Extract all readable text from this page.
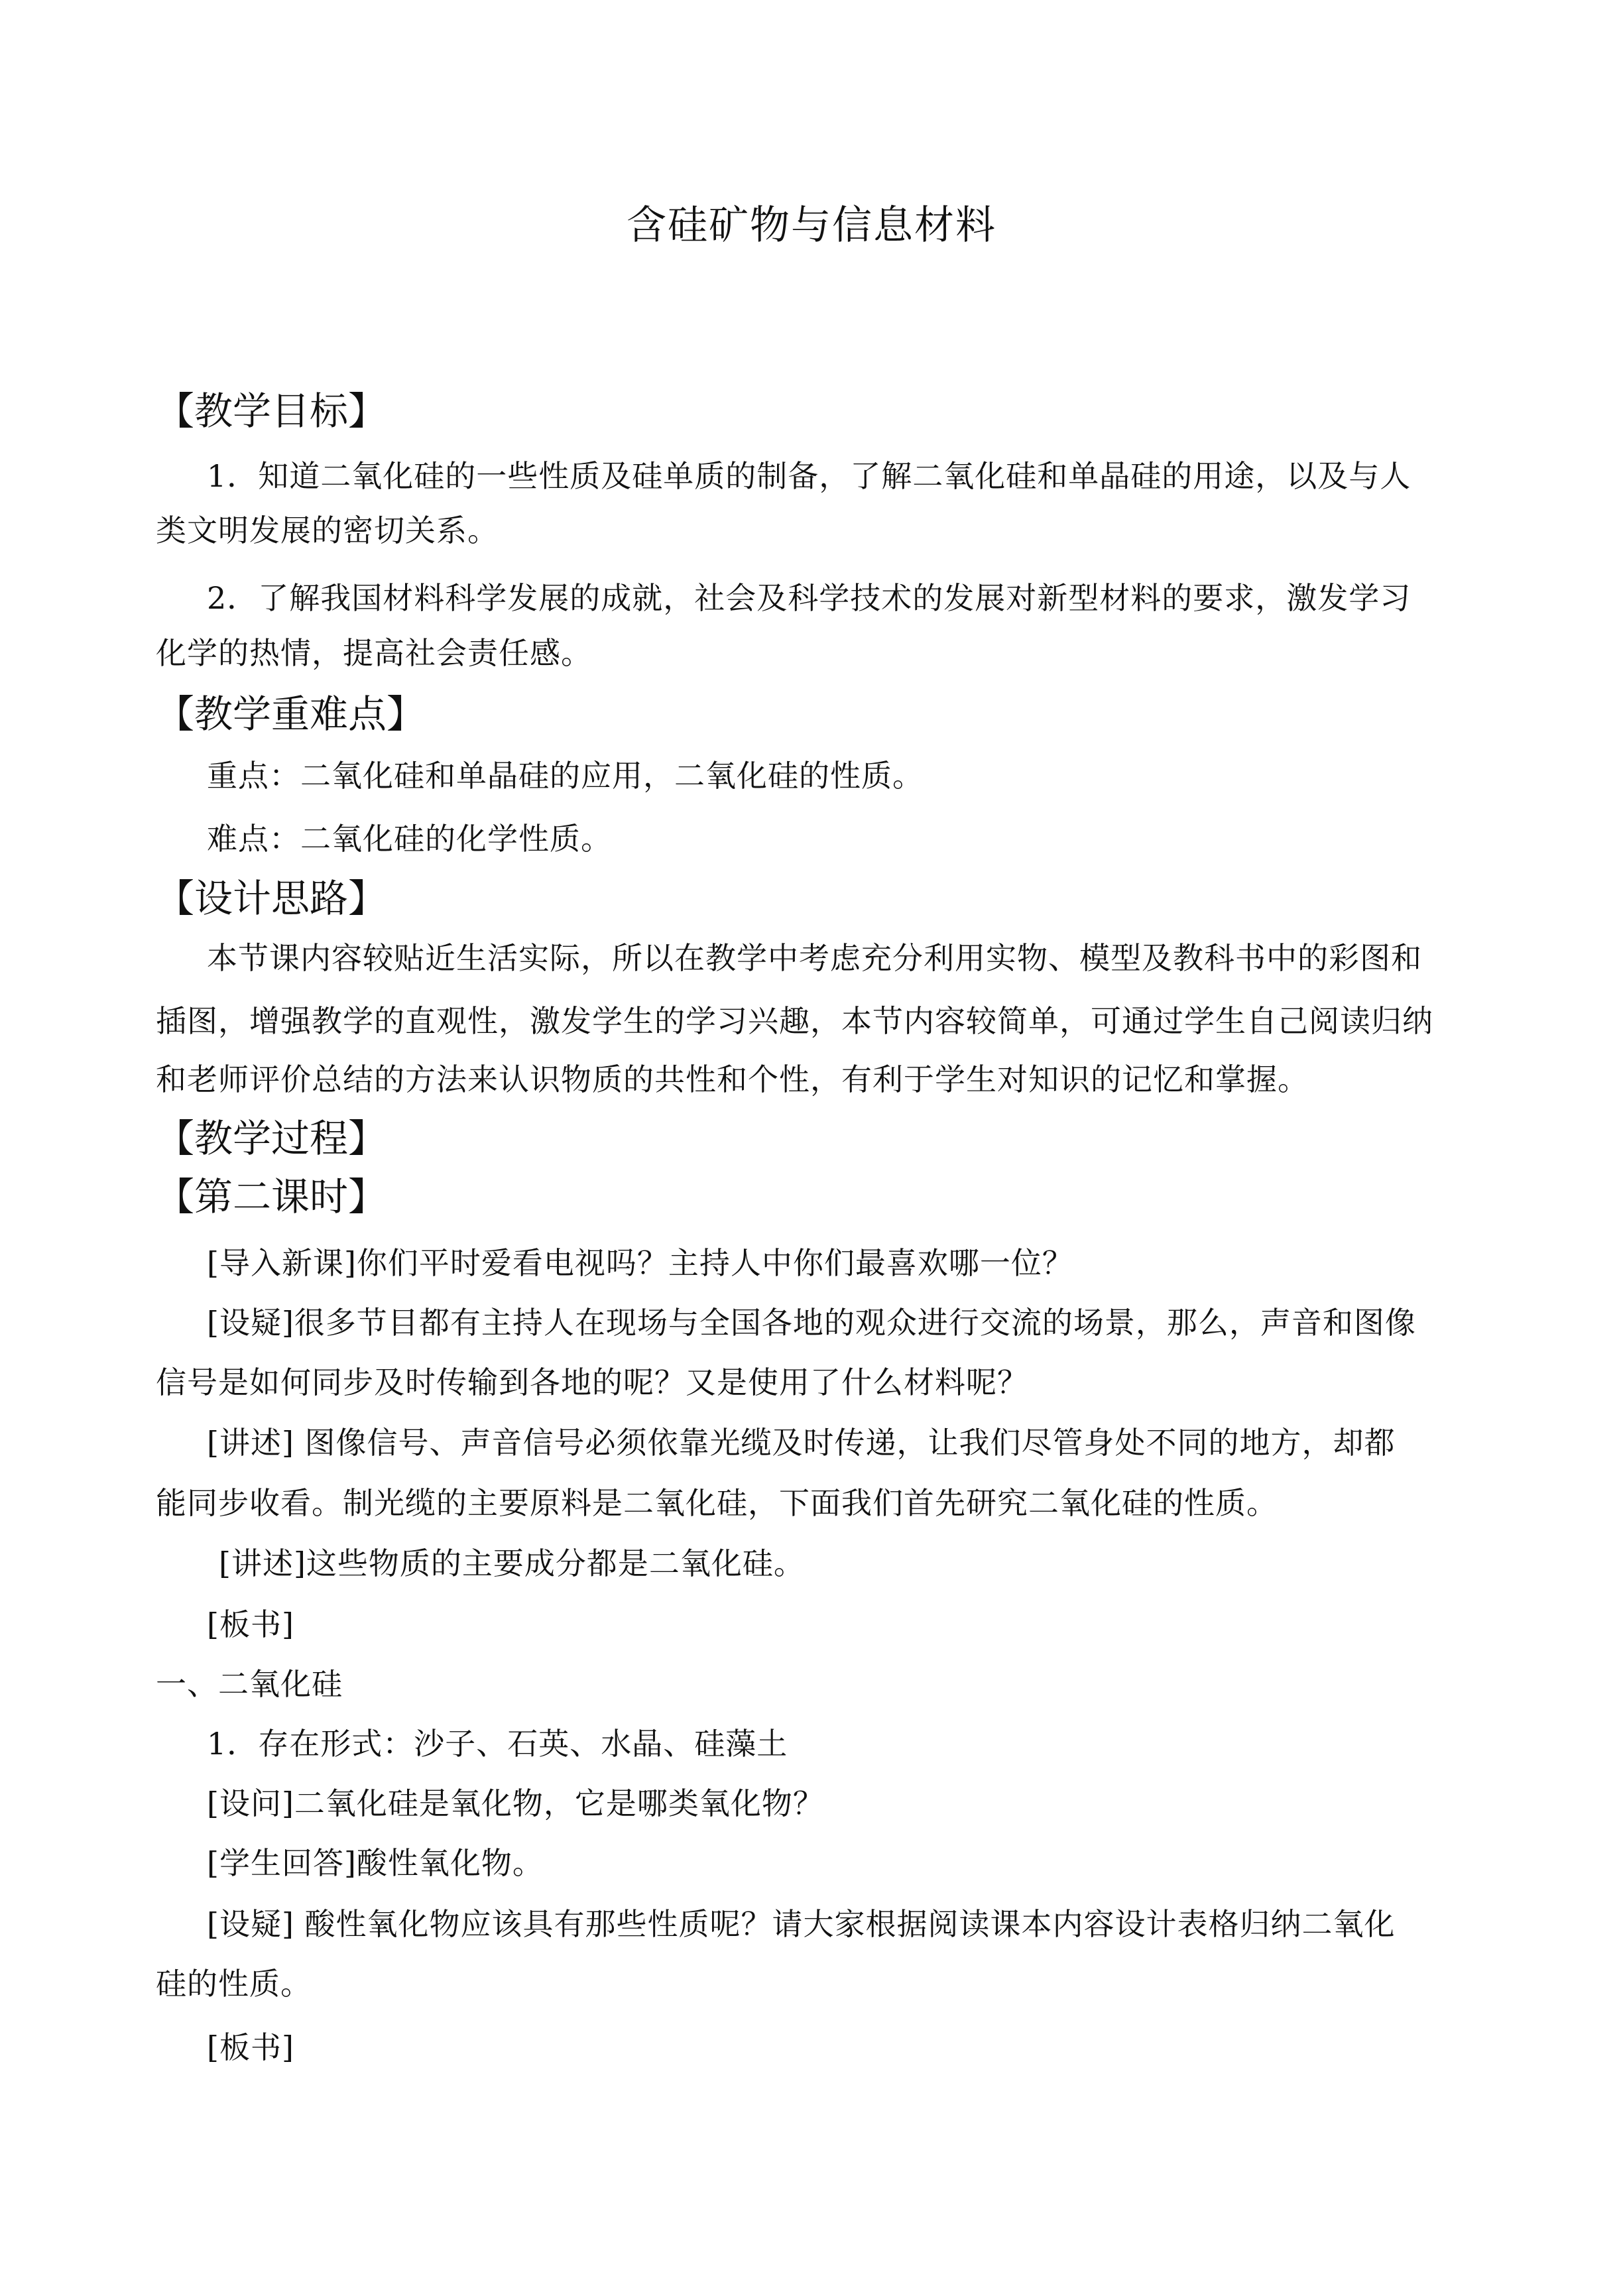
含硅矿物与信息材料
【教学目标】
1．知道二氧化硅的一些性质及硅单质的制备，了解二氧化硅和单晶硅的用途，以及与人
类文明发展的密切关系。
2．了解我国材料科学发展的成就，社会及科学技术的发展对新型材料的要求，激发学习
化学的热情，提高社会责任感。
【教学重难点】
重点：二氧化硅和单晶硅的应用，二氧化硅的性质。
难点：二氧化硅的化学性质。
【设计思路】
本节课内容较贴近生活实际，所以在教学中考虑充分利用实物、模型及教科书中的彩图和
插图，增强教学的直观性，激发学生的学习兴趣，本节内容较简单，可通过学生自己阅读归纳
和老师评价总结的方法来认识物质的共性和个性，有利于学生对知识的记忆和掌握。
【教学过程】
【第二课时】
[导入新课]你们平时爱看电视吗？主持人中你们最喜欢哪一位？
[设疑]很多节目都有主持人在现场与全国各地的观众进行交流的场景，那么，声音和图像
信号是如何同步及时传输到各地的呢？又是使用了什么材料呢？
[讲述] 图像信号、声音信号必须依靠光缆及时传递，让我们尽管身处不同的地方，却都
能同步收看。制光缆的主要原料是二氧化硅，下面我们首先研究二氧化硅的性质。
[讲述]这些物质的主要成分都是二氧化硅。
[板书]
一、二氧化硅
1．存在形式：沙子、石英、水晶、硅藻土
[设问]二氧化硅是氧化物，它是哪类氧化物？
[学生回答]酸性氧化物。
[设疑] 酸性氧化物应该具有那些性质呢？请大家根据阅读课本内容设计表格归纳二氧化
硅的性质。
[板书]
